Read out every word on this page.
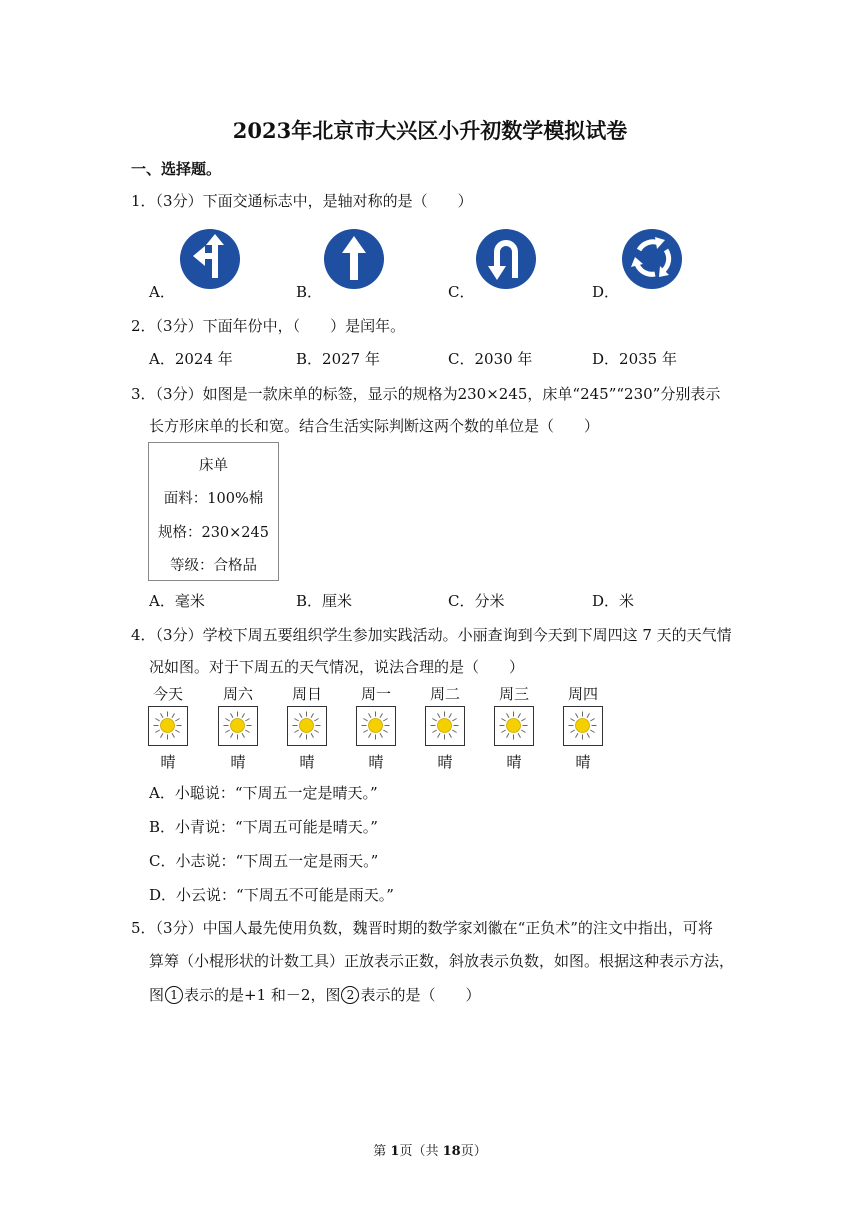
2023年北京市大兴区小升初数学模拟试卷
一、选择题。
1．（3分）下面交通标志中，是轴对称的是（　　）
A．	B．	C．	D．
2．（3分）下面年份中，（　　）是闰年。
A．2024 年	B．2027 年	C．2030 年	D．2035 年
3．（3分）如图是一款床单的标签，显示的规格为230×245，床单“245”“230”分别表示
长方形床单的长和宽。结合生活实际判断这两个数的单位是（　　）
床单
面料：100%棉
规格：230×245
等级：合格品
A．毫米	B．厘米	C．分米	D．米
4．（3分）学校下周五要组织学生参加实践活动。小丽查询到今天到下周四这 7 天的天气情
况如图。对于下周五的天气情况，说法合理的是（　　）
今天
晴
周六
晴
周日
晴
周一
晴
周二
晴
周三
晴
周四
晴
A．小聪说：“下周五一定是晴天。”
B．小青说：“下周五可能是晴天。”
C．小志说：“下周五一定是雨天。”
D．小云说：“下周五不可能是雨天。”
5．（3分）中国人最先使用负数，魏晋时期的数学家刘徽在“正负术”的注文中指出，可将
算筹（小棍形状的计数工具）正放表示正数，斜放表示负数，如图。根据这种表示方法，
图 1 表示的是+1 和－2，图 2 表示的是（　　）
第 1页（共 18页）
